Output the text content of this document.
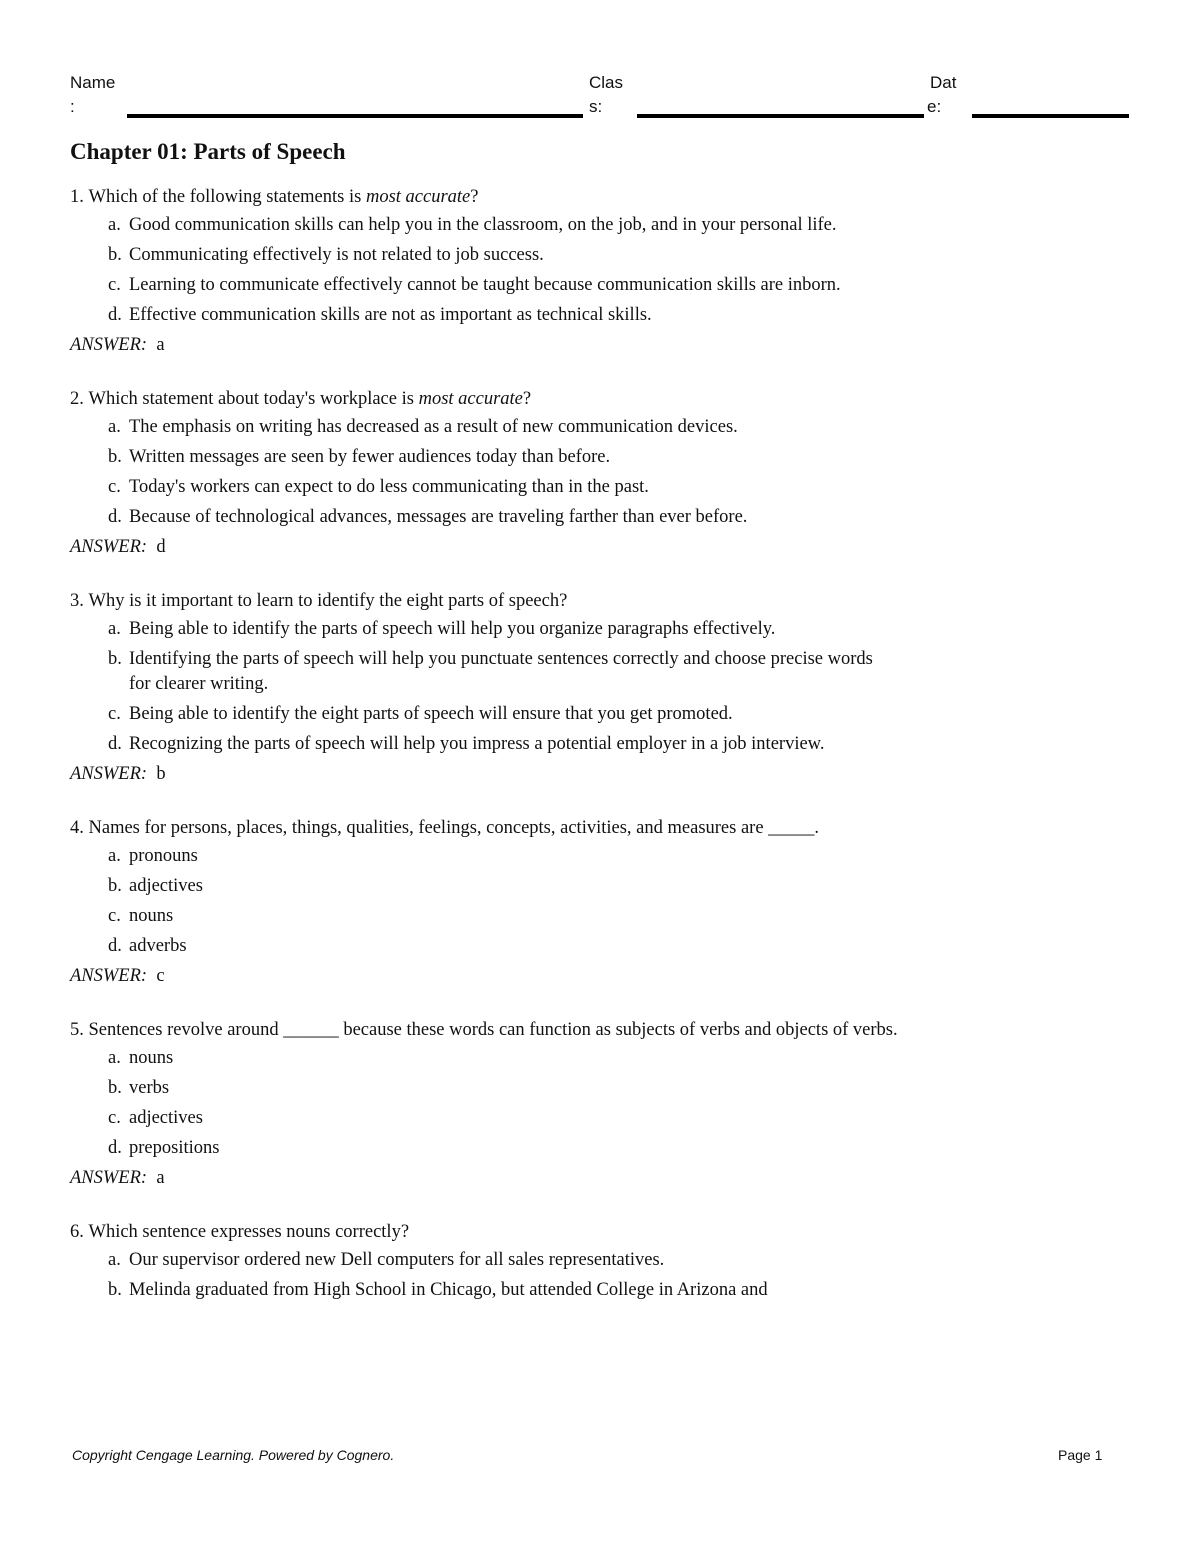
Name
:
Clas
s:
Dat
e:
Chapter 01: Parts of Speech
1.
Which of the following statements is most accurate?
a. Good communication skills can help you in the classroom, on the job, and in your personal life.
b. Communicating effectively is not related to job success.
c. Learning to communicate effectively cannot be taught because communication skills are inborn.
d. Effective communication skills are not as important as technical skills.
ANSWER: a
2.
Which statement about today's workplace is most accurate?
a. The emphasis on writing has decreased as a result of new communication devices.
b. Written messages are seen by fewer audiences today than before.
c. Today's workers can expect to do less communicating than in the past.
d. Because of technological advances, messages are traveling farther than ever before.
ANSWER: d
3.
Why is it important to learn to identify the eight parts of speech?
a. Being able to identify the parts of speech will help you organize paragraphs effectively.
b. Identifying the parts of speech will help you punctuate sentences correctly and choose precise words for clearer writing.
c. Being able to identify the eight parts of speech will ensure that you get promoted.
d. Recognizing the parts of speech will help you impress a potential employer in a job interview.
ANSWER: b
4.
Names for persons, places, things, qualities, feelings, concepts, activities, and measures are _____.
a. pronouns
b. adjectives
c. nouns
d. adverbs
ANSWER: c
5.
Sentences revolve around ______ because these words can function as subjects of verbs and objects of verbs.
a. nouns
b. verbs
c. adjectives
d. prepositions
ANSWER: a
6.
Which sentence expresses nouns correctly?
a. Our supervisor ordered new Dell computers for all sales representatives.
b. Melinda graduated from High School in Chicago, but attended College in Arizona and
Copyright Cengage Learning. Powered by Cognero.	Page 1
